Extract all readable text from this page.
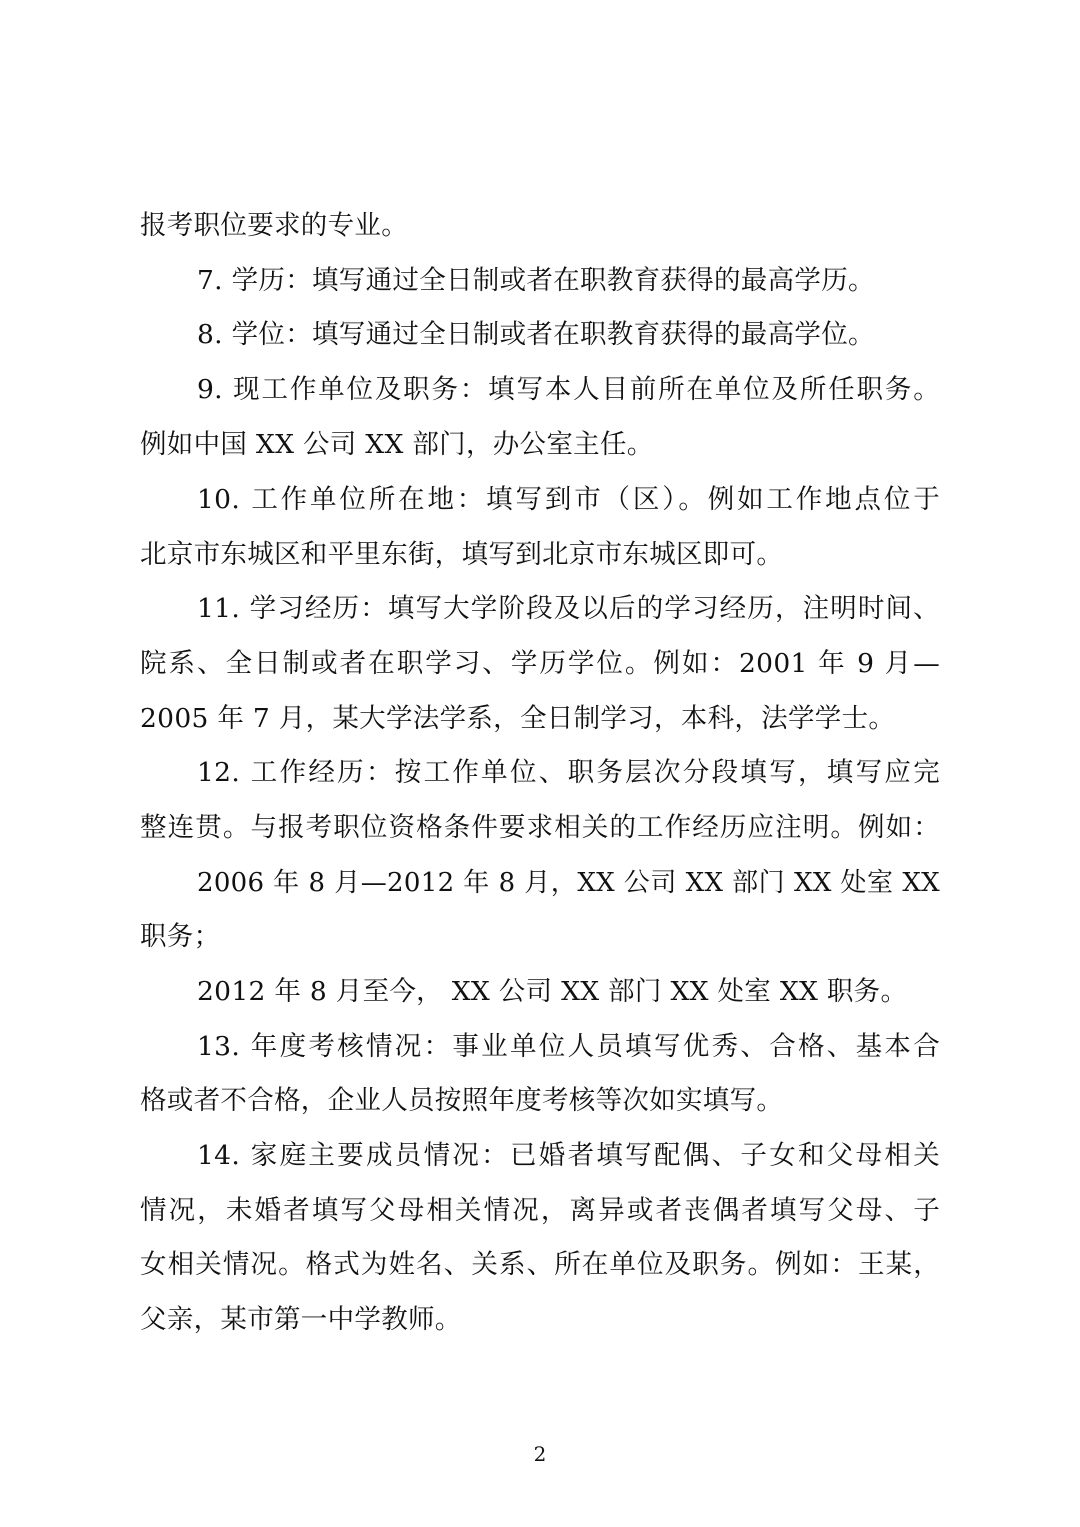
报考职位要求的专业。
7. 学历：填写通过全日制或者在职教育获得的最高学历。
8. 学位：填写通过全日制或者在职教育获得的最高学位。
9. 现工作单位及职务：填写本人目前所在单位及所任职务。
例如中国 XX 公司 XX 部门，办公室主任。
10. 工作单位所在地：填写到市（区）。例如工作地点位于
北京市东城区和平里东街，填写到北京市东城区即可。
11. 学习经历：填写大学阶段及以后的学习经历，注明时间、
院系、全日制或者在职学习、学历学位。例如：2001 年 9 月—
2005 年 7 月，某大学法学系，全日制学习，本科，法学学士。
12. 工作经历：按工作单位、职务层次分段填写，填写应完
整连贯。与报考职位资格条件要求相关的工作经历应注明。例如：
2006 年 8 月—2012 年 8 月，XX 公司 XX 部门 XX 处室 XX
职务；
2012 年 8 月至今， XX 公司 XX 部门 XX 处室 XX 职务。
13. 年度考核情况：事业单位人员填写优秀、合格、基本合
格或者不合格，企业人员按照年度考核等次如实填写。
14. 家庭主要成员情况：已婚者填写配偶、子女和父母相关
情况，未婚者填写父母相关情况，离异或者丧偶者填写父母、子
女相关情况。格式为姓名、关系、所在单位及职务。例如：王某，
父亲，某市第一中学教师。
2
